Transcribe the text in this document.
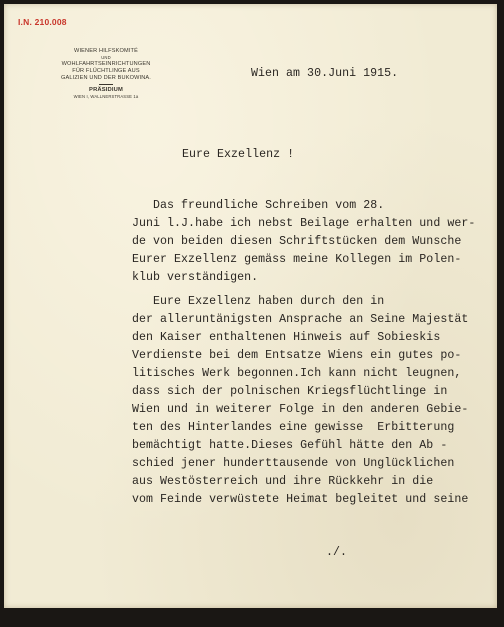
I.N. 210.008
WIENER HILFSKOMITÉ
UND
WOHLFAHRTSEINRICHTUNGEN
FÜR FLÜCHTLINGE AUS
GALIZIEN UND DER BUKOWINA.
PRÄSIDIUM
WIEN I, WALLNERSTRASSE 1a
Wien am 30.Juni 1915.
Eure Exzellenz !
Das freundliche Schreiben vom 28.
Juni l.J.habe ich nebst Beilage erhalten und wer-
de von beiden diesen Schriftstücken dem Wunsche
Eurer Exzellenz gemäss meine Kollegen im Polen-
klub verständigen.
Eure Exzellenz haben durch den in
der alleruntänigsten Ansprache an Seine Majestät
den Kaiser enthaltenen Hinweis auf Sobieskis
Verdienste bei dem Entsatze Wiens ein gutes po-
litisches Werk begonnen.Ich kann nicht leugnen,
dass sich der polnischen Kriegsflüchtlinge in
Wien und in weiterer Folge in den anderen Gebie-
ten des Hinterlandes eine gewisse  Erbitterung
bemächtigt hatte.Dieses Gefühl hätte den Ab -
schied jener hunderttausende von Unglücklichen
aus Westösterreich und ihre Rückkehr in die
vom Feinde verwüstete Heimat begleitet und seine
./.
